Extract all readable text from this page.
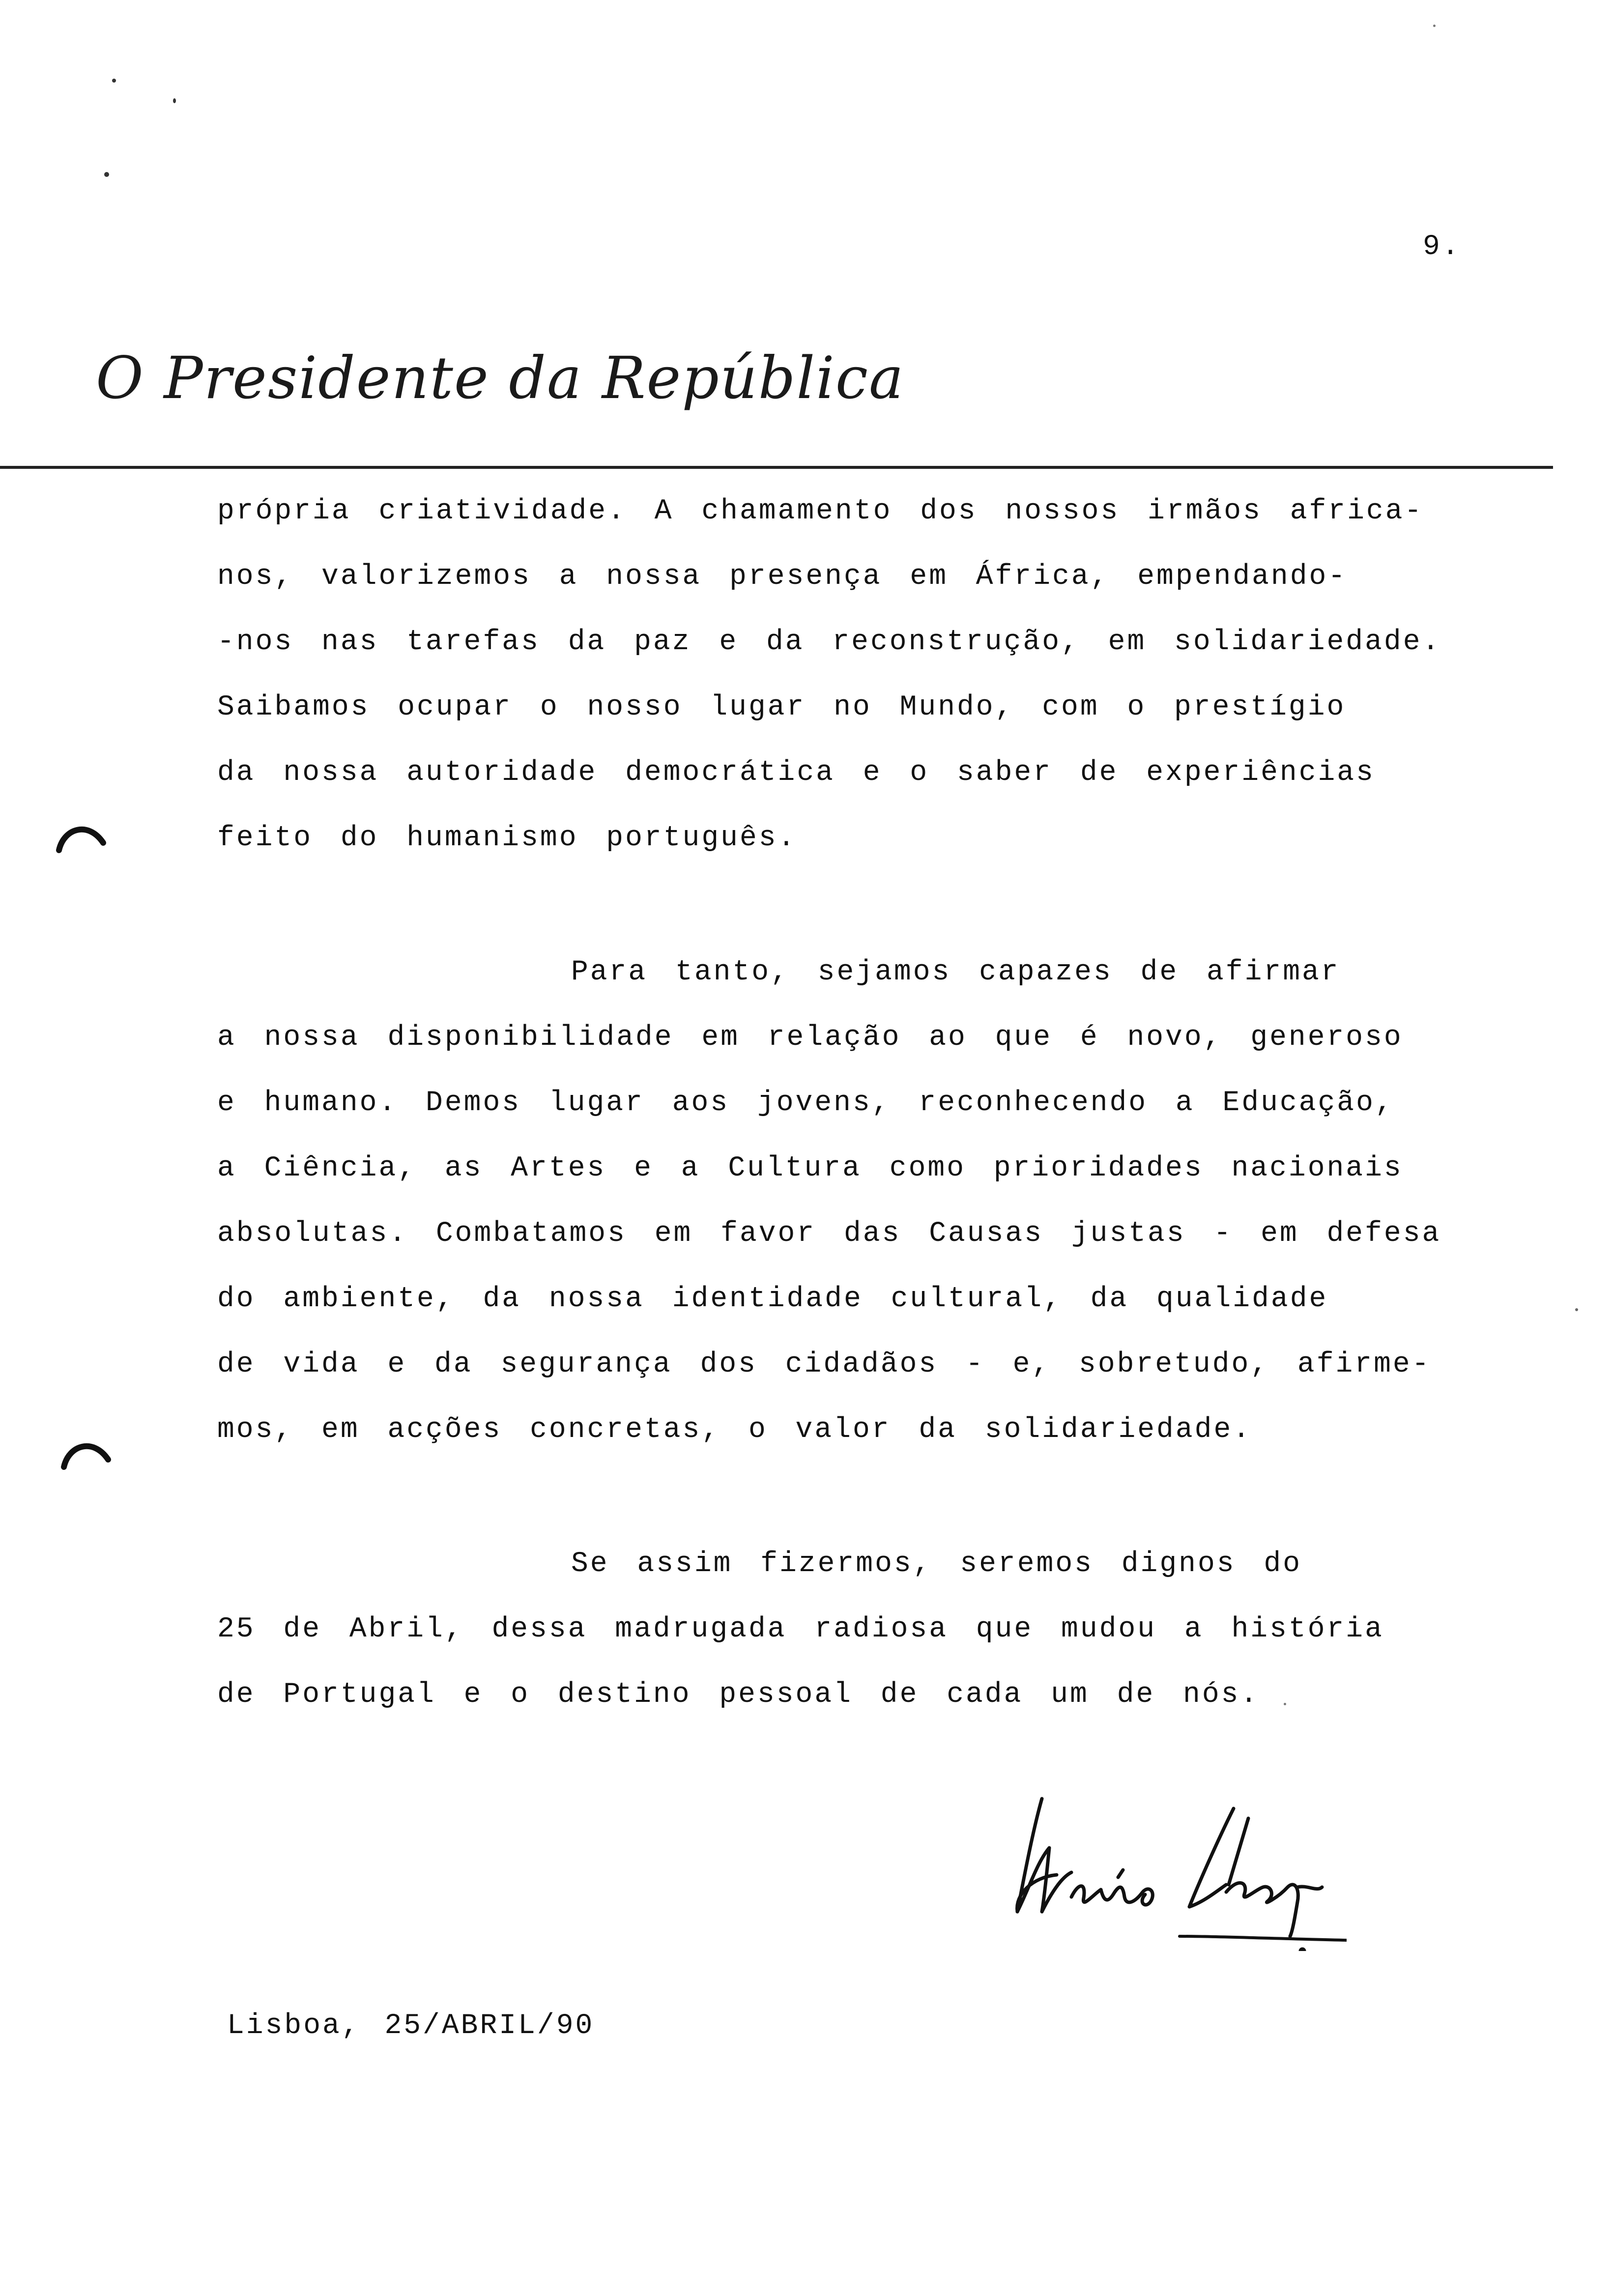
9.
O Presidente da República
própria criatividade. A chamamento dos nossos irmãos africa-
nos, valorizemos a nossa presença em África, empendando-
-nos nas tarefas da paz e da reconstrução, em solidariedade.
Saibamos ocupar o nosso lugar no Mundo, com o prestígio
da nossa autoridade democrática e o saber de experiências
feito do humanismo português.
Para tanto, sejamos capazes de afirmar
a nossa disponibilidade em relação ao que é novo, generoso
e humano. Demos lugar aos jovens, reconhecendo a Educação,
a Ciência, as Artes e a Cultura como prioridades nacionais
absolutas. Combatamos em favor das Causas justas - em defesa
do ambiente, da nossa identidade cultural, da qualidade
de vida e da segurança dos cidadãos - e, sobretudo, afirme-
mos, em acções concretas, o valor da solidariedade.
Se assim fizermos, seremos dignos do
25 de Abril, dessa madrugada radiosa que mudou a história
de Portugal e o destino pessoal de cada um de nós.
Lisboa, 25/ABRIL/90
